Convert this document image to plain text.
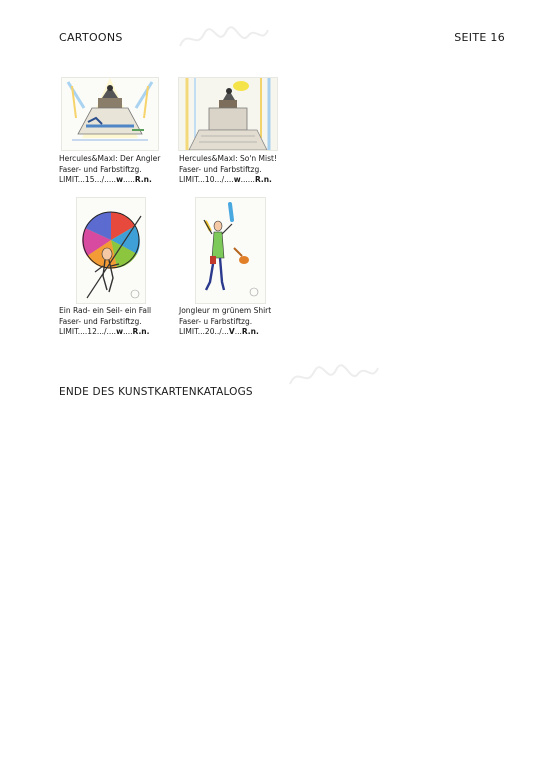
CARTOONS	SEITE 16
Hercules&Maxl: Der Angler
Faser- und Farbstiftzg.
LIMIT...15.../.....w.....R.n.
Hercules&Maxl: So'n Mist!
Faser- und Farbstiftzg.
LIMIT...10.../....w......R.n.
Ein Rad- ein Seil- ein Fall
Faser- und Farbstiftzg.
LIMIT....12.../....w....R.n.
Jongleur m grünem Shirt
Faser- u Farbstiftzg.
LIMIT...20../...V...R.n.
ENDE DES KUNSTKARTENKATALOGS
